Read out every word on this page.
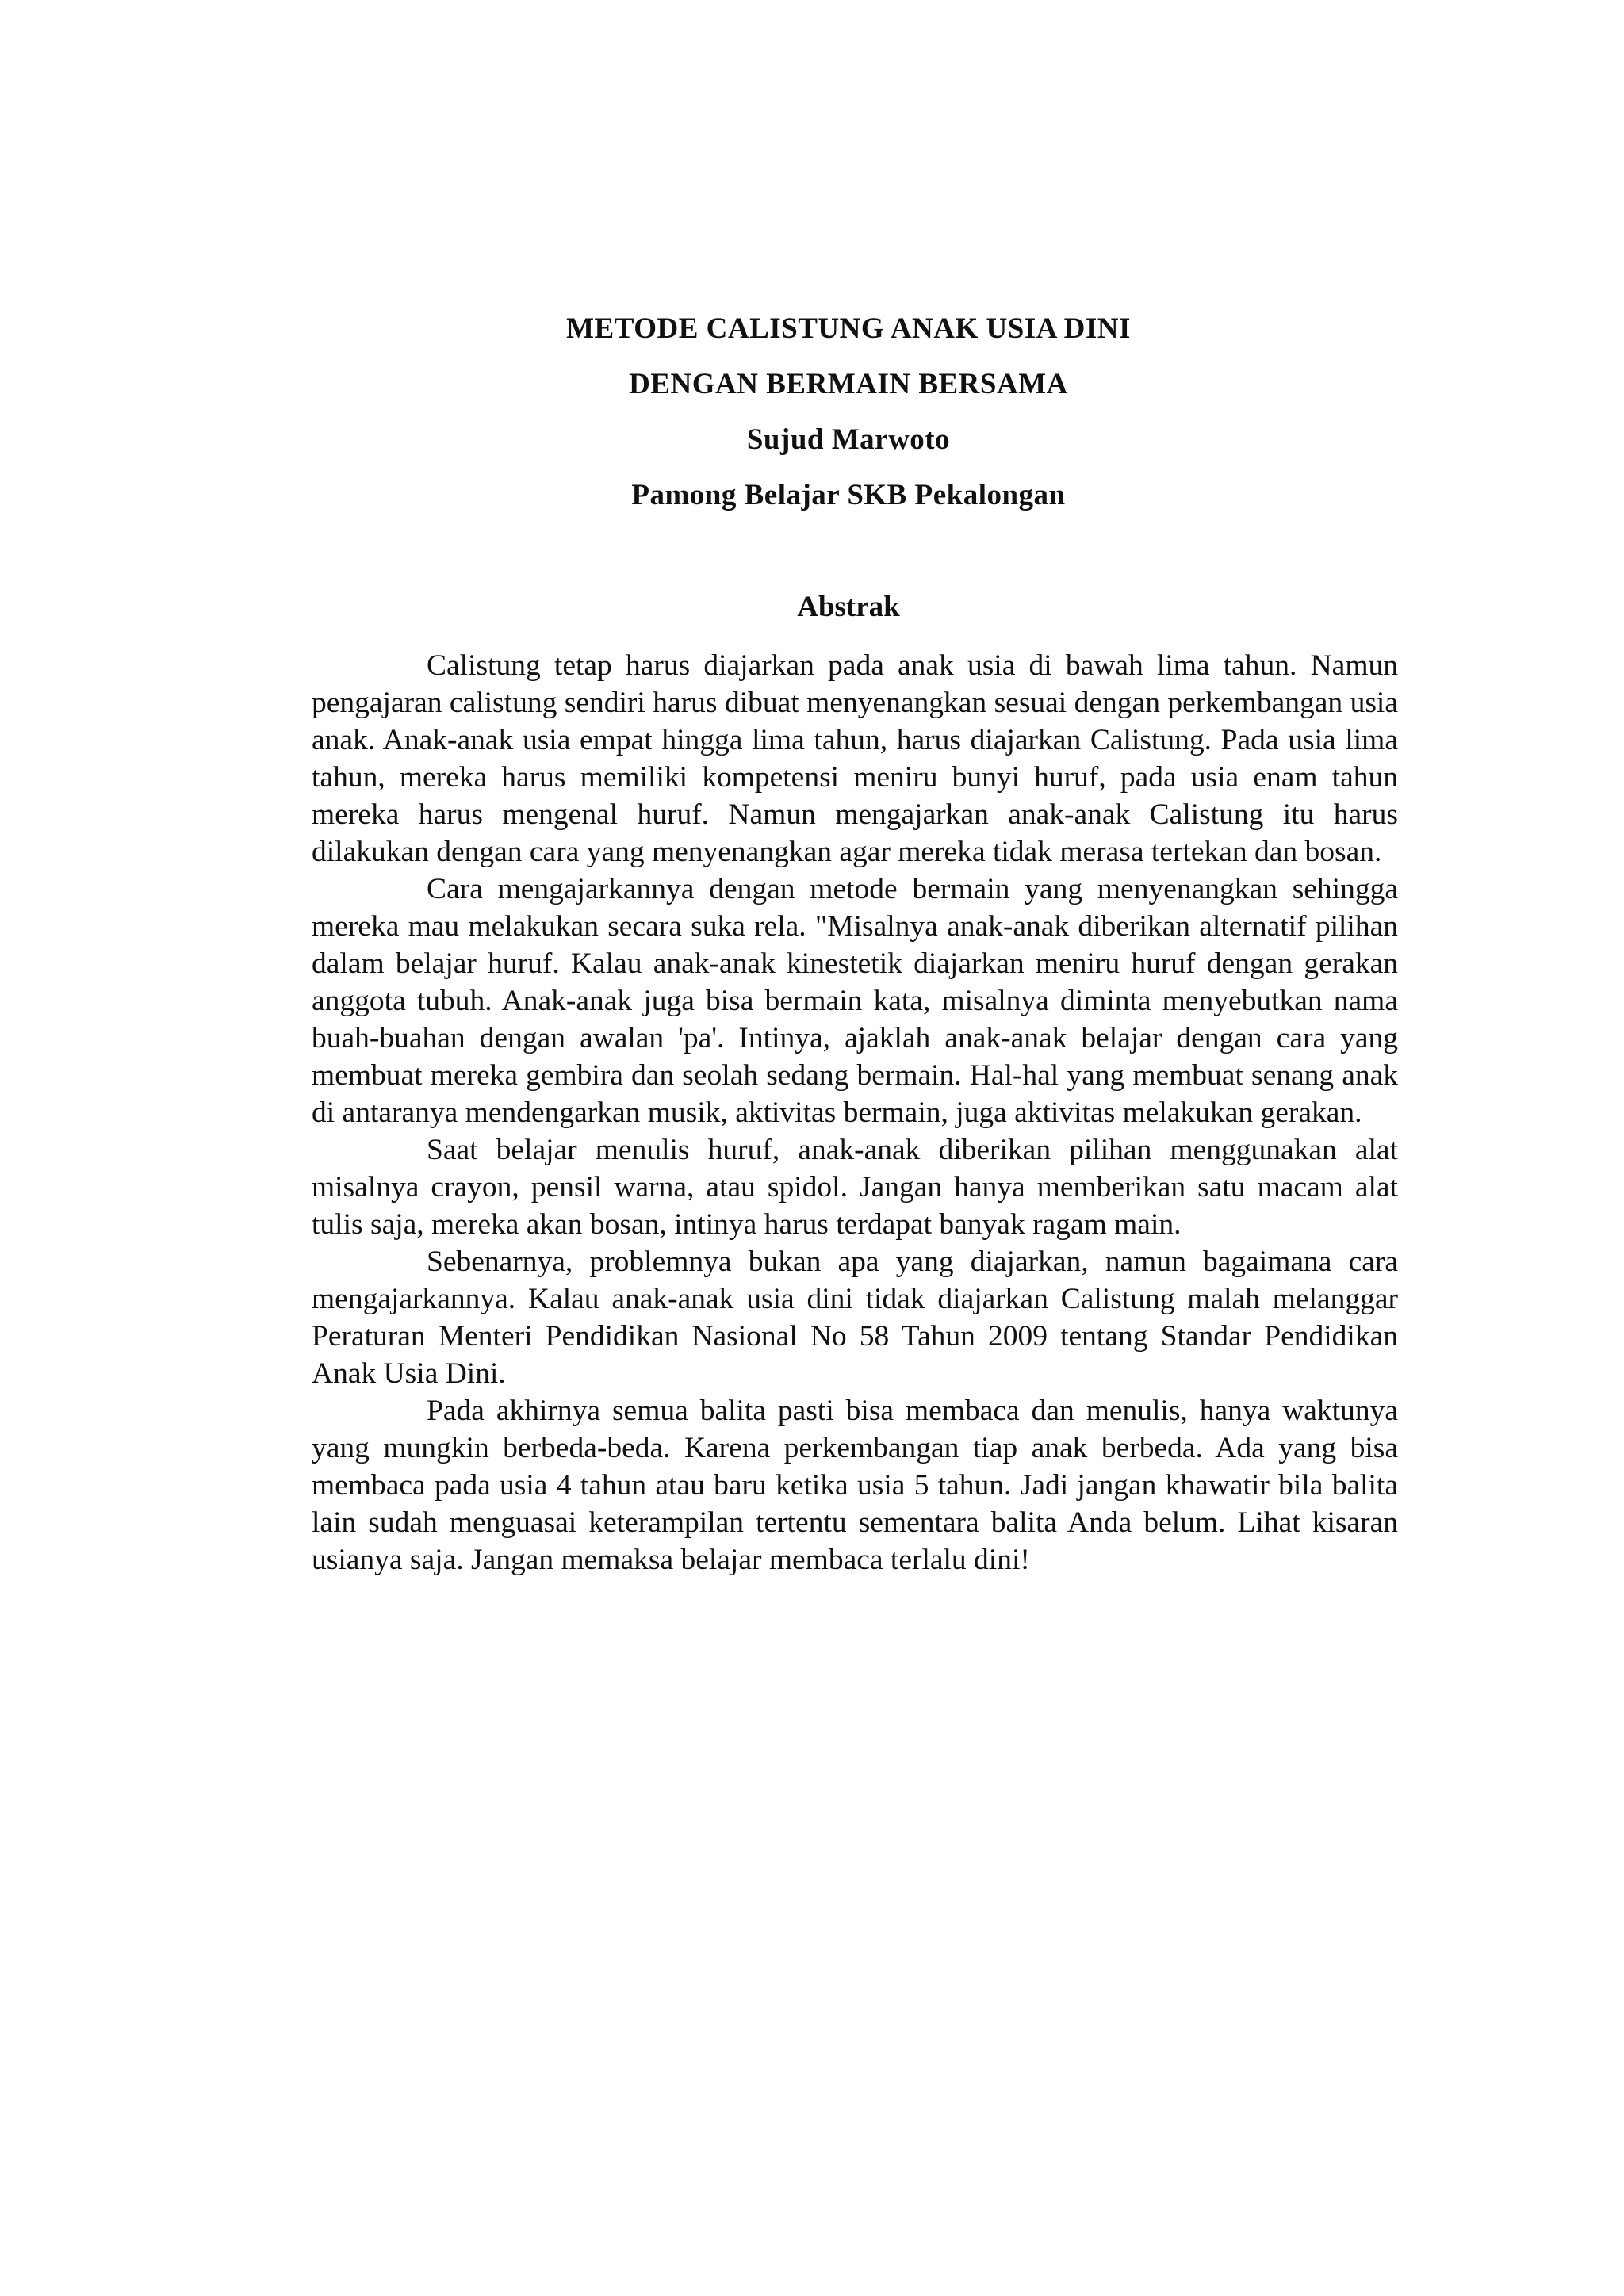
METODE CALISTUNG ANAK USIA DINI
DENGAN BERMAIN BERSAMA
Sujud Marwoto
Pamong Belajar SKB Pekalongan
Abstrak

Calistung tetap harus diajarkan pada anak usia di bawah lima tahun. Namun pengajaran calistung sendiri harus dibuat menyenangkan sesuai dengan perkembangan usia anak. Anak-anak usia empat hingga lima tahun, harus diajarkan Calistung. Pada usia lima tahun, mereka harus memiliki kompetensi meniru bunyi huruf, pada usia enam tahun mereka harus mengenal huruf. Namun mengajarkan anak-anak Calistung itu harus dilakukan dengan cara yang menyenangkan agar mereka tidak merasa tertekan dan bosan.

Cara mengajarkannya dengan metode bermain yang menyenangkan sehingga mereka mau melakukan secara suka rela. "Misalnya anak-anak diberikan alternatif pilihan dalam belajar huruf. Kalau anak-anak kinestetik diajarkan meniru huruf dengan gerakan anggota tubuh. Anak-anak juga bisa bermain kata, misalnya diminta menyebutkan nama buah-buahan dengan awalan 'pa'. Intinya, ajaklah anak-anak belajar dengan cara yang membuat mereka gembira dan seolah sedang bermain. Hal-hal yang membuat senang anak di antaranya mendengarkan musik, aktivitas bermain, juga aktivitas melakukan gerakan.

Saat belajar menulis huruf, anak-anak diberikan pilihan menggunakan alat misalnya crayon, pensil warna, atau spidol. Jangan hanya memberikan satu macam alat tulis saja, mereka akan bosan, intinya harus terdapat banyak ragam main.

Sebenarnya, problemnya bukan apa yang diajarkan, namun bagaimana cara mengajarkannya. Kalau anak-anak usia dini tidak diajarkan Calistung malah melanggar Peraturan Menteri Pendidikan Nasional No 58 Tahun 2009 tentang Standar Pendidikan Anak Usia Dini.

Pada akhirnya semua balita pasti bisa membaca dan menulis, hanya waktunya yang mungkin berbeda-beda. Karena perkembangan tiap anak berbeda. Ada yang bisa membaca pada usia 4 tahun atau baru ketika usia 5 tahun. Jadi jangan khawatir bila balita lain sudah menguasai keterampilan tertentu sementara balita Anda belum. Lihat kisaran usianya saja. Jangan memaksa belajar membaca terlalu dini!
